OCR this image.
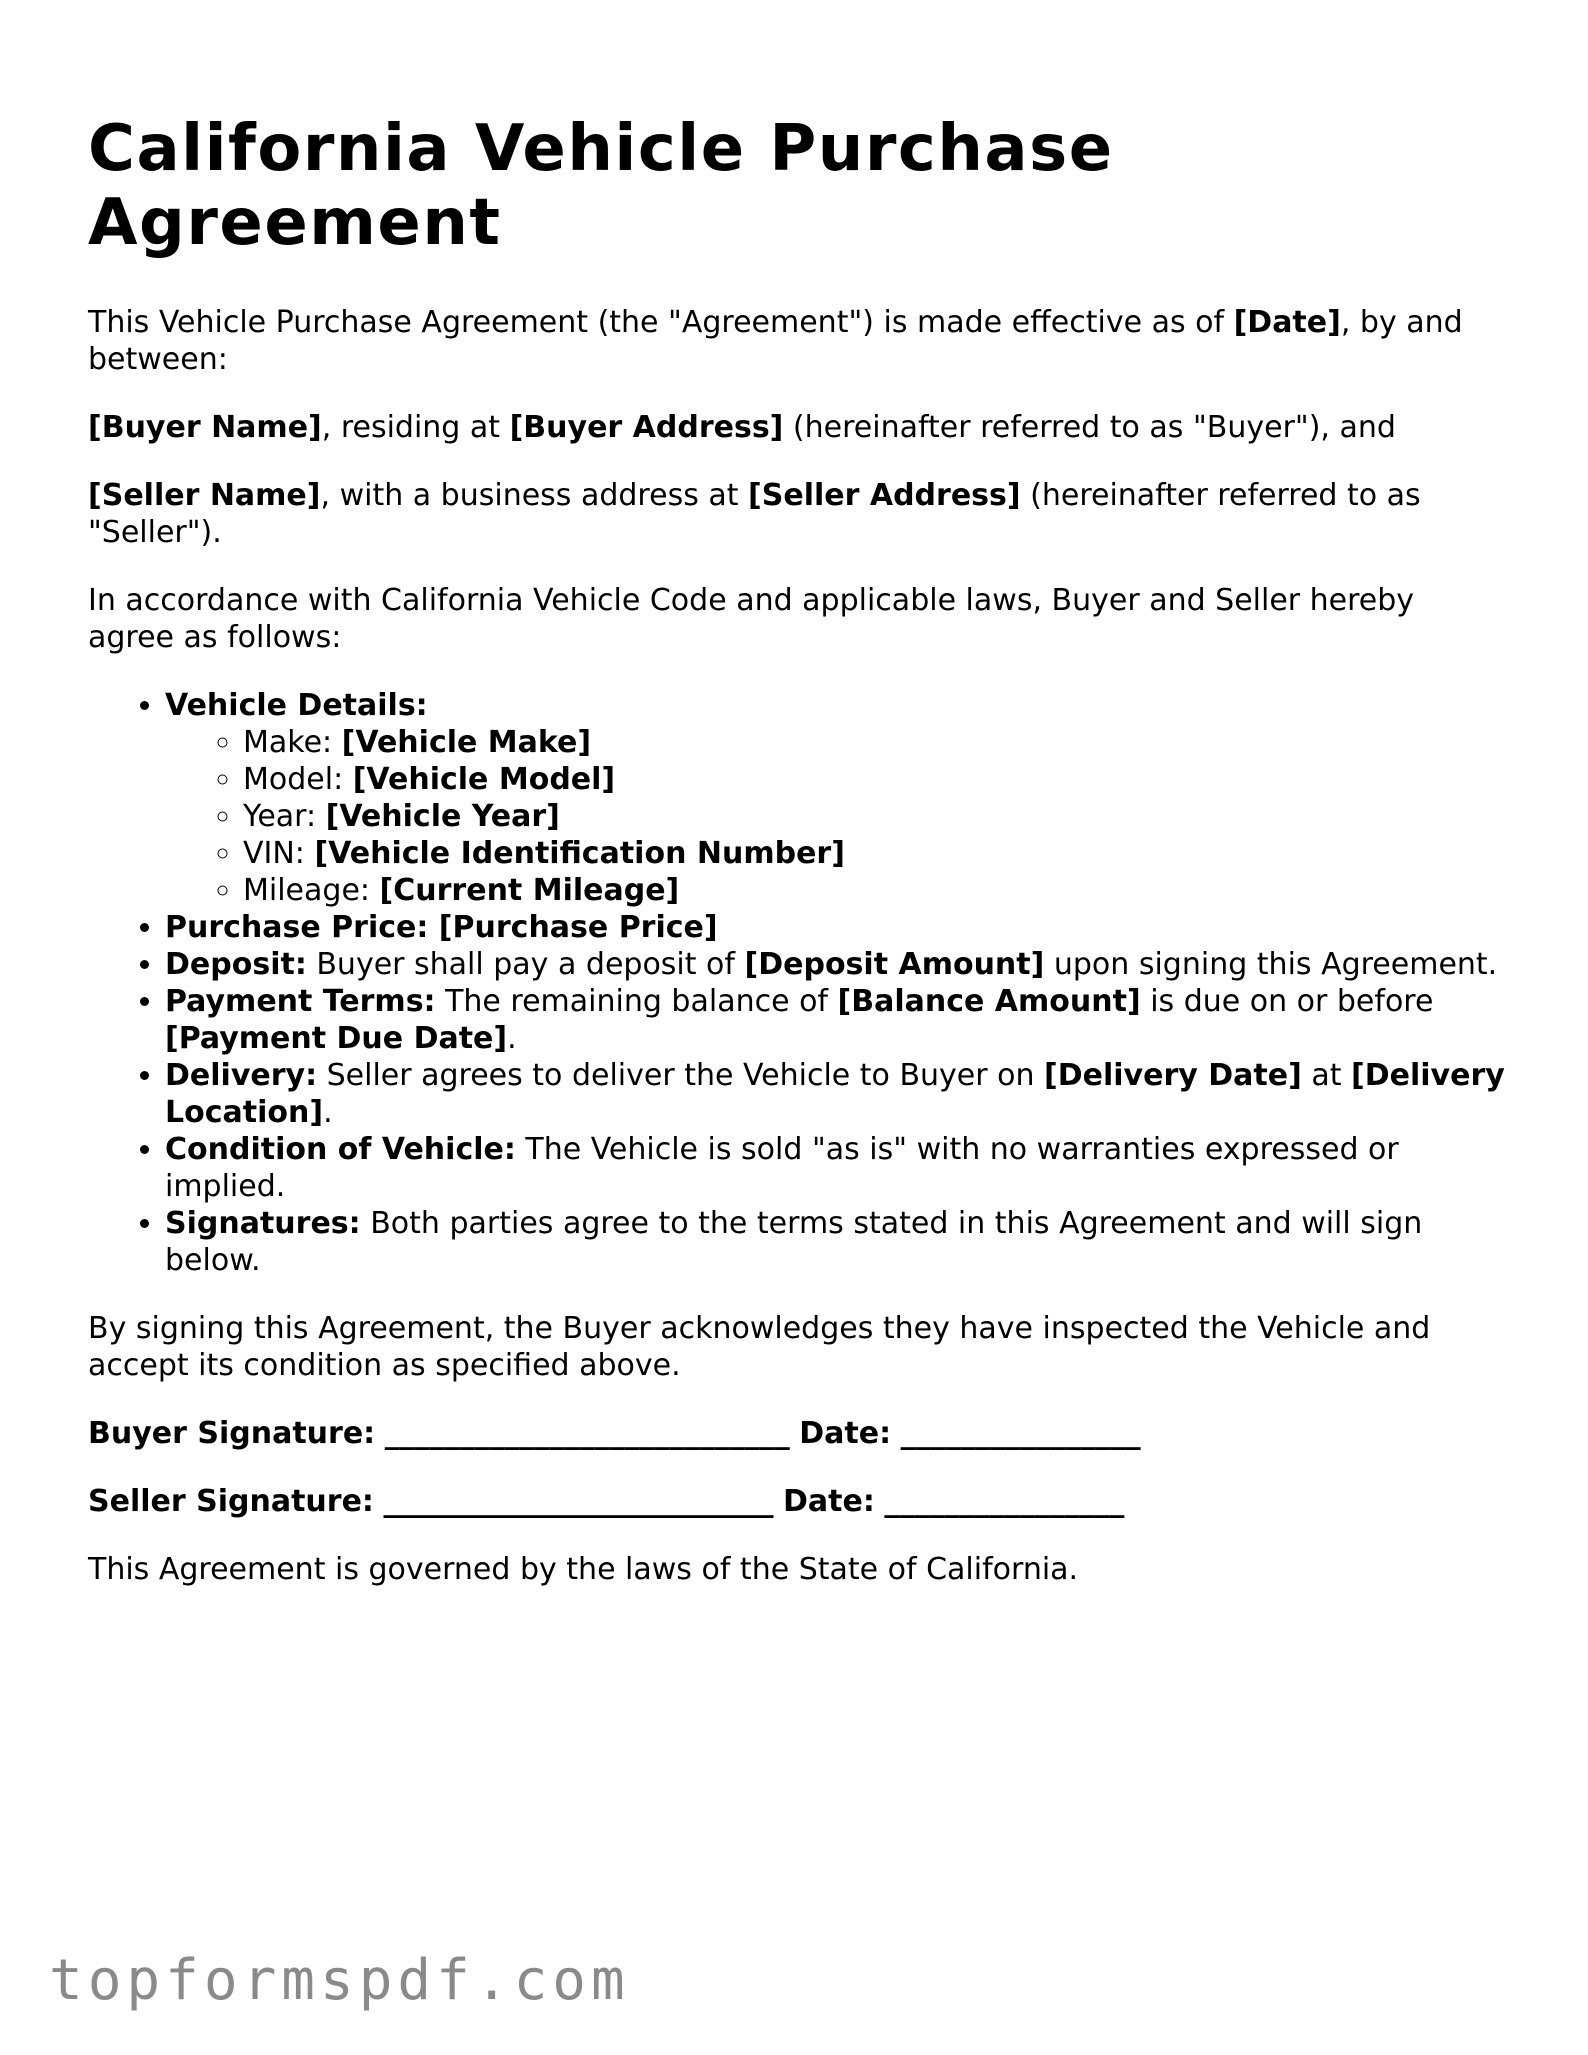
California Vehicle Purchase Agreement

This Vehicle Purchase Agreement (the "Agreement") is made effective as of [Date], by and between:

[Buyer Name], residing at [Buyer Address] (hereinafter referred to as "Buyer"), and

[Seller Name], with a business address at [Seller Address] (hereinafter referred to as "Seller").

In accordance with California Vehicle Code and applicable laws, Buyer and Seller hereby agree as follows:

• Vehicle Details:
◦ Make: [Vehicle Make]
◦ Model: [Vehicle Model]
◦ Year: [Vehicle Year]
◦ VIN: [Vehicle Identification Number]
◦ Mileage: [Current Mileage]
• Purchase Price: [Purchase Price]
• Deposit: Buyer shall pay a deposit of [Deposit Amount] upon signing this Agreement.
• Payment Terms: The remaining balance of [Balance Amount] is due on or before [Payment Due Date].
• Delivery: Seller agrees to deliver the Vehicle to Buyer on [Delivery Date] at [Delivery Location].
• Condition of Vehicle: The Vehicle is sold "as is" with no warranties expressed or implied.
• Signatures: Both parties agree to the terms stated in this Agreement and will sign below.

By signing this Agreement, the Buyer acknowledges they have inspected the Vehicle and accept its condition as specified above.

Buyer Signature: ___________________________ Date: ________________

Seller Signature: __________________________ Date: ________________

This Agreement is governed by the laws of the State of California.

topformspdf.com
